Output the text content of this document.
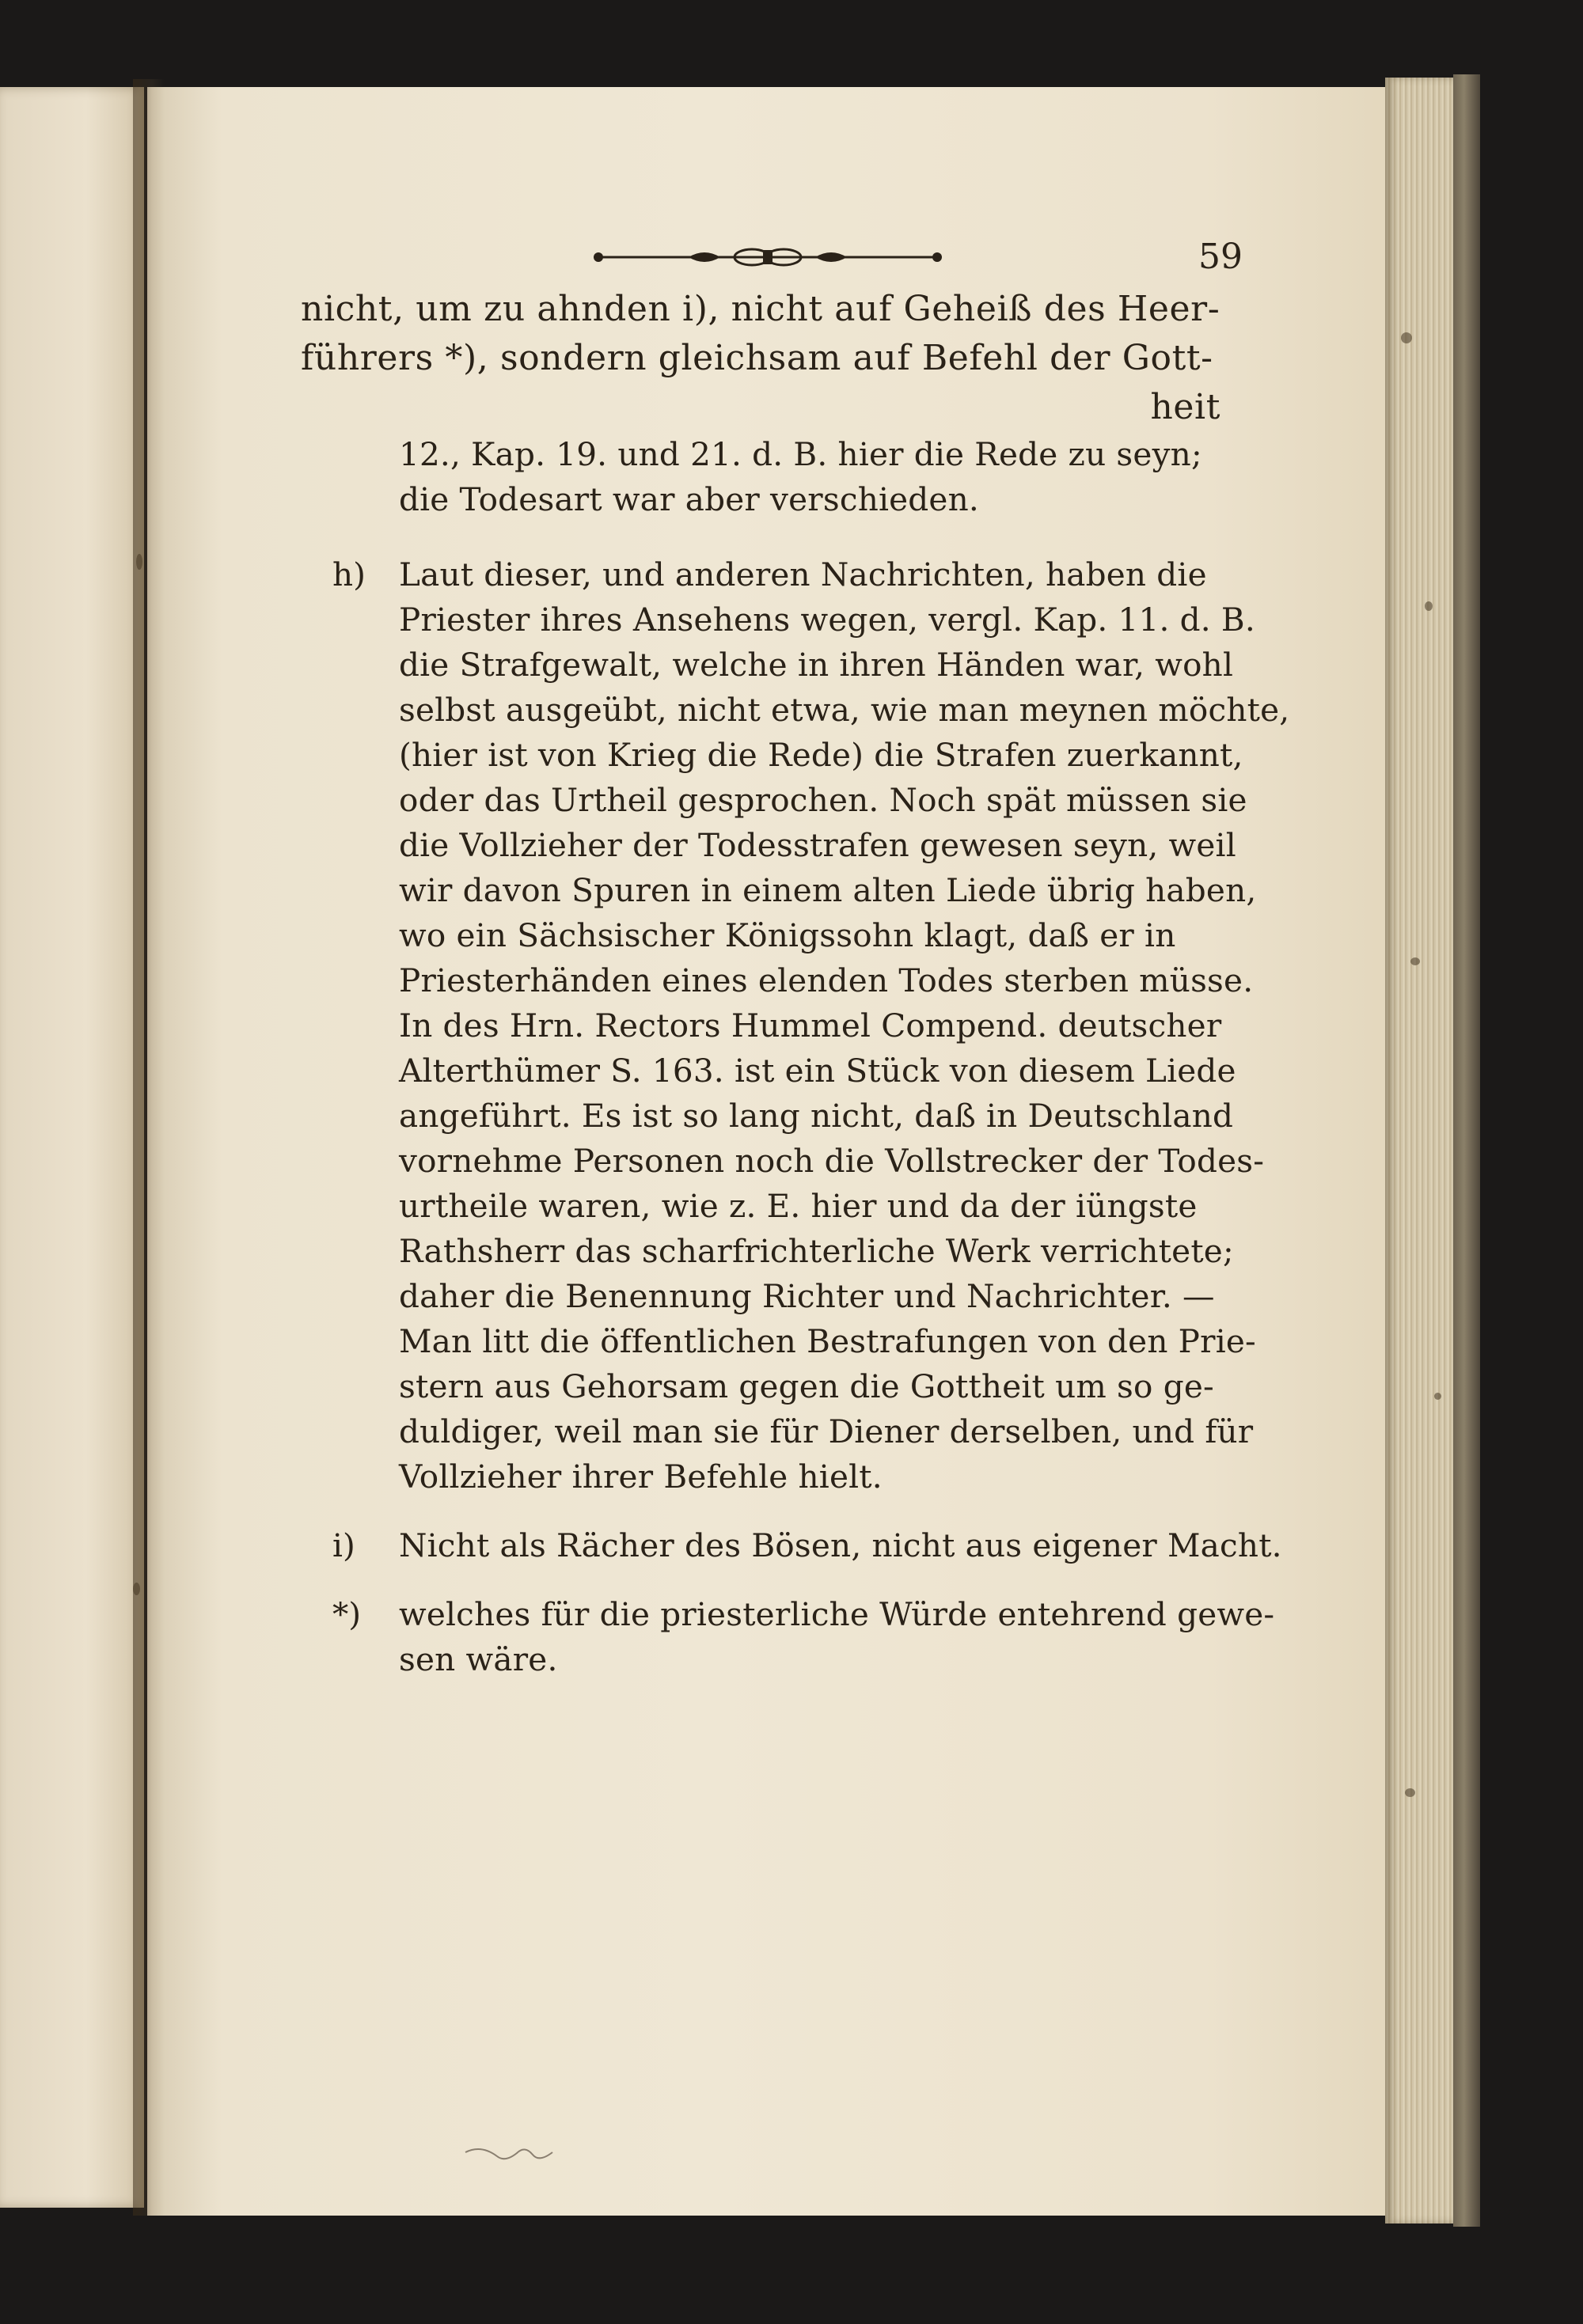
59
nicht, um zu ahnden i), nicht auf Geheiß des Heer-
führers *), sondern gleichsam auf Befehl der Gott-
heit
12., Kap. 19. und 21. d. B. hier die Rede zu seyn;
die Todesart war aber verschieden.
h) Laut dieser, und anderen Nachrichten, haben die
Priester ihres Ansehens wegen, vergl. Kap. 11. d. B.
die Strafgewalt, welche in ihren Händen war, wohl
selbst ausgeübt, nicht etwa, wie man meynen möchte,
(hier ist von Krieg die Rede) die Strafen zuerkannt,
oder das Urtheil gesprochen. Noch spät müssen sie
die Vollzieher der Todesstrafen gewesen seyn, weil
wir davon Spuren in einem alten Liede übrig haben,
wo ein Sächsischer Königssohn klagt, daß er in
Priesterhänden eines elenden Todes sterben müsse.
In des Hrn. Rectors Hummel Compend. deutscher
Alterthümer S. 163. ist ein Stück von diesem Liede
angeführt. Es ist so lang nicht, daß in Deutschland
vornehme Personen noch die Vollstrecker der Todes-
urtheile waren, wie z. E. hier und da der iüngste
Rathsherr das scharfrichterliche Werk verrichtete;
daher die Benennung Richter und Nachrichter. —
Man litt die öffentlichen Bestrafungen von den Prie-
stern aus Gehorsam gegen die Gottheit um so ge-
duldiger, weil man sie für Diener derselben, und für
Vollzieher ihrer Befehle hielt.
i) Nicht als Rächer des Bösen, nicht aus eigener Macht.
*) welches für die priesterliche Würde entehrend gewe-
sen wäre.
